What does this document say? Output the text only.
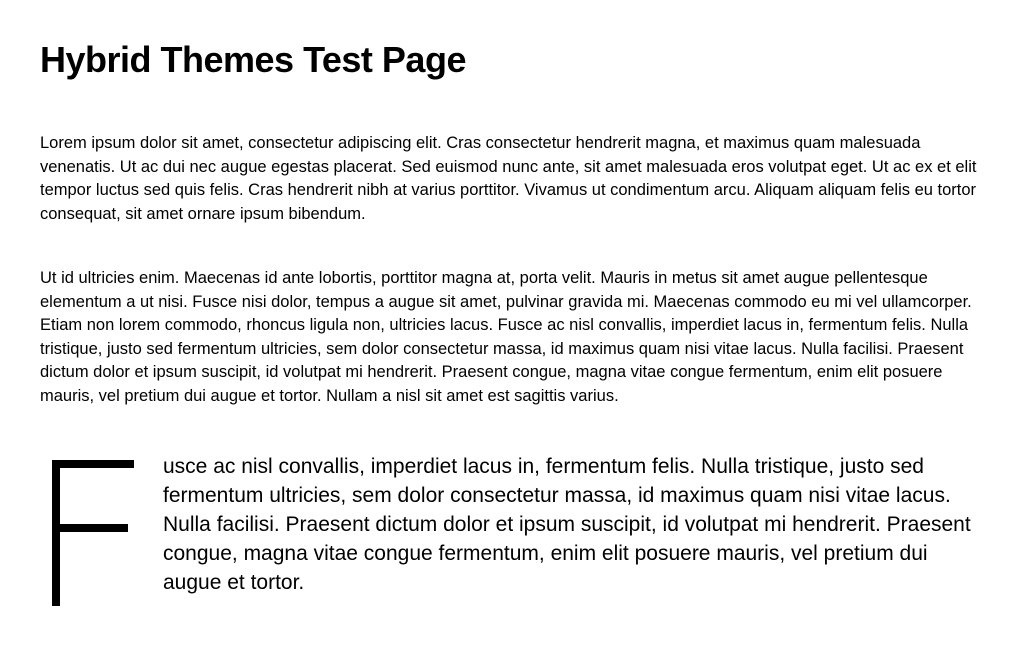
Hybrid Themes Test Page

Lorem ipsum dolor sit amet, consectetur adipiscing elit. Cras consectetur hendrerit magna, et maximus quam malesuada venenatis. Ut ac dui nec augue egestas placerat. Sed euismod nunc ante, sit amet malesuada eros volutpat eget. Ut ac ex et elit tempor luctus sed quis felis. Cras hendrerit nibh at varius porttitor. Vivamus ut condimentum arcu. Aliquam aliquam felis eu tortor consequat, sit amet ornare ipsum bibendum.

Ut id ultricies enim. Maecenas id ante lobortis, porttitor magna at, porta velit. Mauris in metus sit amet augue pellentesque elementum a ut nisi. Fusce nisi dolor, tempus a augue sit amet, pulvinar gravida mi. Maecenas commodo eu mi vel ullamcorper. Etiam non lorem commodo, rhoncus ligula non, ultricies lacus. Fusce ac nisl convallis, imperdiet lacus in, fermentum felis. Nulla tristique, justo sed fermentum ultricies, sem dolor consectetur massa, id maximus quam nisi vitae lacus. Nulla facilisi. Praesent dictum dolor et ipsum suscipit, id volutpat mi hendrerit. Praesent congue, magna vitae congue fermentum, enim elit posuere mauris, vel pretium dui augue et tortor. Nullam a nisl sit amet est sagittis varius.

usce ac nisl convallis, imperdiet lacus in, fermentum felis. Nulla tristique, justo sed fermentum ultricies, sem dolor consectetur massa, id maximus quam nisi vitae lacus. Nulla facilisi. Praesent dictum dolor et ipsum suscipit, id volutpat mi hendrerit. Praesent congue, magna vitae congue fermentum, enim elit posuere mauris, vel pretium dui augue et tortor.
